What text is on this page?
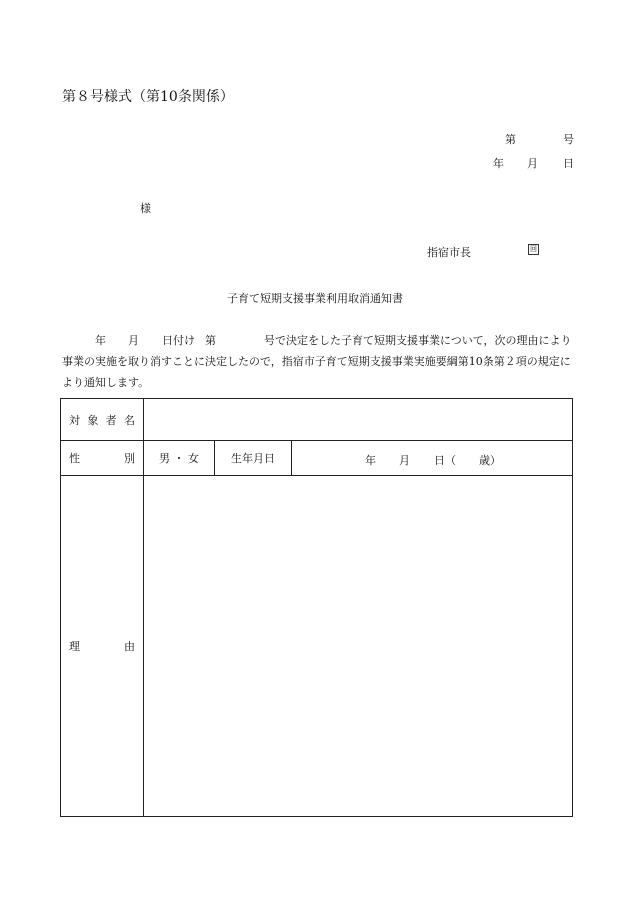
第８号様式（第10条関係）
第	号
年 月 日
様
指宿市長	回
子育て短期支援事業利用取消通知書
年 月 日付け 第	号で決定をした子育て短期支援事業について，次の理由により
事業の実施を取り消すことに決定したので，指宿市子育て短期支援事業実施要綱第10条第２項の規定に
より通知します。
対 象 者 名			

性 別	男 ・ 女	生年月日	年 月 日（ 歳）

理 由			
